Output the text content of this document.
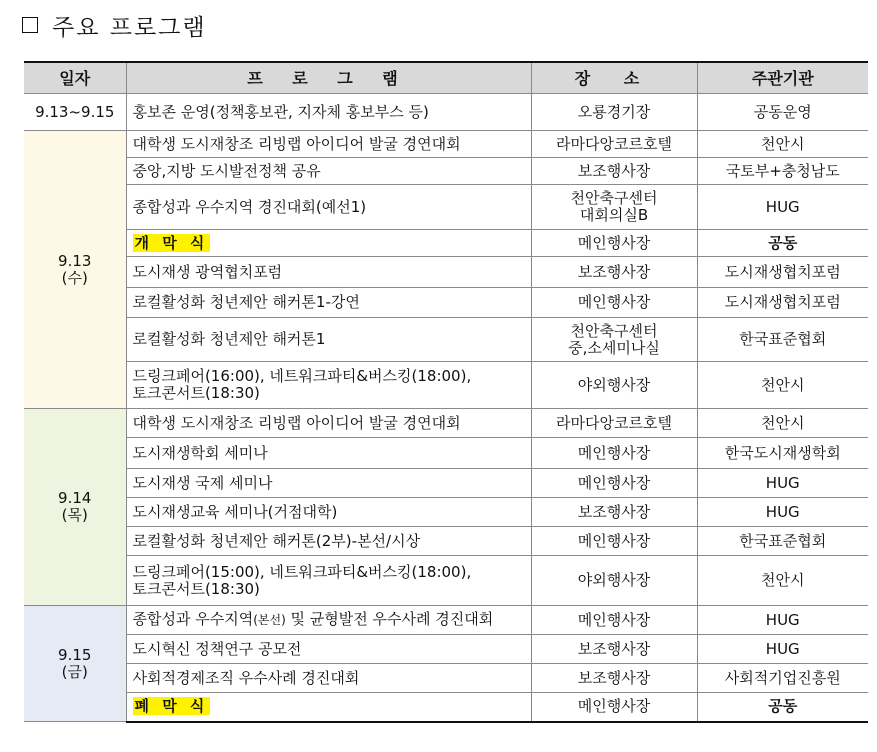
주요 프로그램
일자	프 로 그 램	장 소	주관기관

9.13~9.15	홍보존 운영(정책홍보관, 지자체 홍보부스 등)	오룡경기장	공동운영

9.13
(수)	대학생 도시재창조 리빙랩 아이디어 발굴 경연대회	라마다앙코르호텔	천안시
	중앙,지방 도시발전정책 공유	보조행사장	국토부+충청남도
	종합성과 우수지역 경진대회(예선1)	천안축구센터
대회의실B	HUG
	개 막 식	메인행사장	공동
	도시재생 광역협치포럼	보조행사장	도시재생협치포럼
	로컬활성화 청년제안 해커톤1-강연	메인행사장	도시재생협치포럼
	로컬활성화 청년제안 해커톤1	천안축구센터
중,소세미나실	한국표준협회

	드링크페어(16:00), 네트워크파티&버스킹(18:00),
토크콘서트(18:30)	야외행사장	천안시

9.14
(목)	대학생 도시재창조 리빙랩 아이디어 발굴 경연대회	라마다앙코르호텔	천안시
	도시재생학회 세미나	메인행사장	한국도시재생학회
	도시재생 국제 세미나	메인행사장	HUG
	도시재생교육 세미나(거점대학)	보조행사장	HUG
	로컬활성화 청년제안 해커톤(2부)-본선/시상	메인행사장	한국표준협회

	드링크페어(15:00), 네트워크파티&버스킹(18:00),
토크콘서트(18:30)	야외행사장	천안시

9.15
(금)	종합성과 우수지역(본선) 및 균형발전 우수사례 경진대회	메인행사장	HUG
	도시혁신 정책연구 공모전	보조행사장	HUG
	사회적경제조직 우수사례 경진대회	보조행사장	사회적기업진흥원
	폐 막 식	메인행사장	공동
